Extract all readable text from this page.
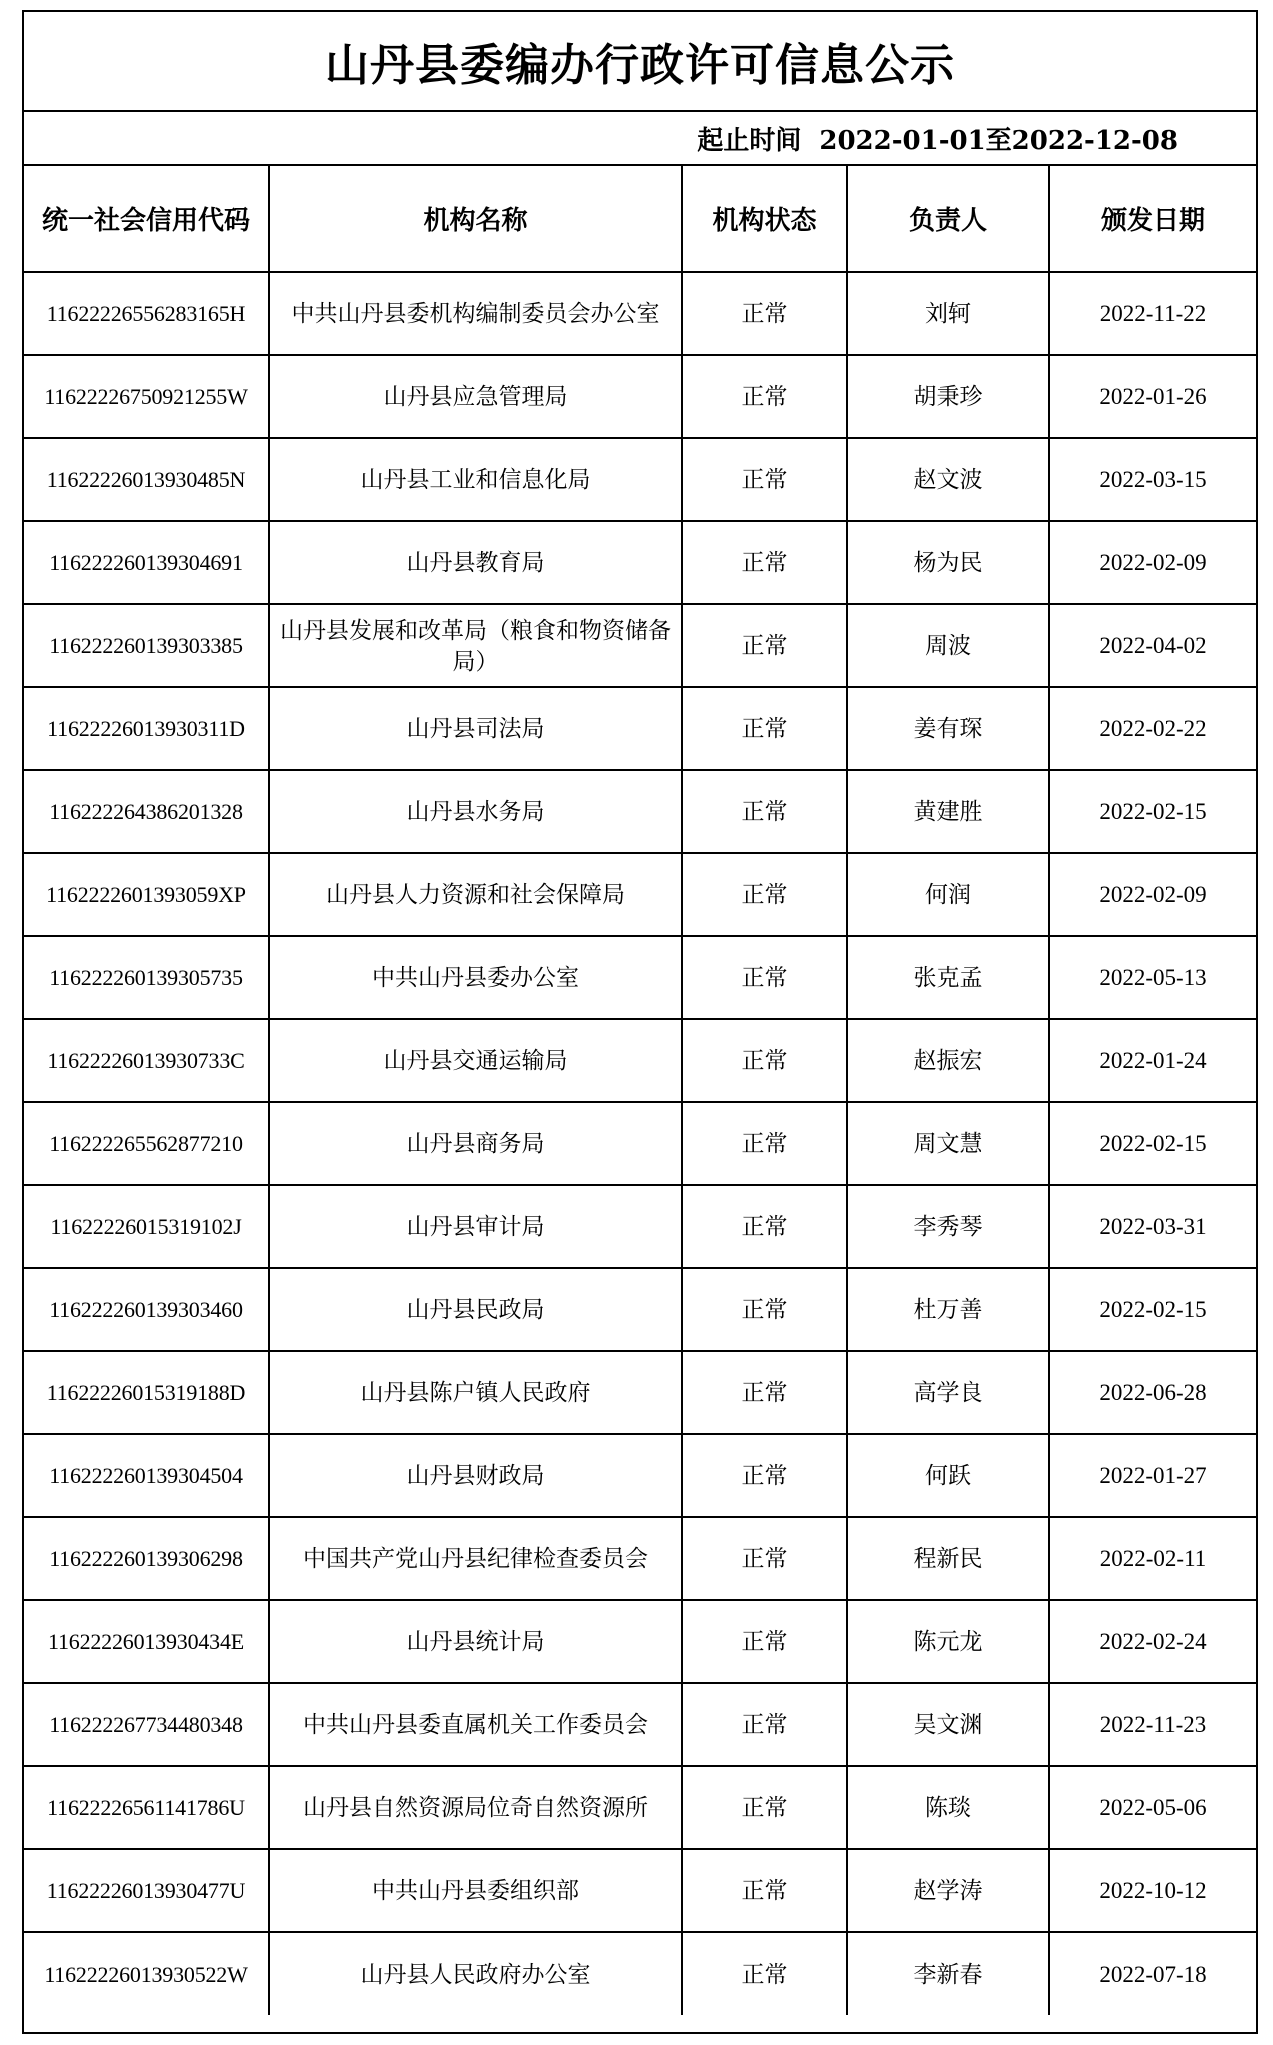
山丹县委编办行政许可信息公示
起止时间 2022-01-01至2022-12-08
统一社会信用代码	机构名称	机构状态	负责人	颁发日期
11622226556283165H	中共山丹县委机构编制委员会办公室	正常	刘轲	2022-11-22
11622226750921255W	山丹县应急管理局	正常	胡秉珍	2022-01-26
11622226013930485N	山丹县工业和信息化局	正常	赵文波	2022-03-15
116222260139304691	山丹县教育局	正常	杨为民	2022-02-09
116222260139303385	山丹县发展和改革局（粮食和物资储备局）	正常	周波	2022-04-02
11622226013930311D	山丹县司法局	正常	姜有琛	2022-02-22
116222264386201328	山丹县水务局	正常	黄建胜	2022-02-15
1162222601393059XP	山丹县人力资源和社会保障局	正常	何润	2022-02-09
116222260139305735	中共山丹县委办公室	正常	张克孟	2022-05-13
11622226013930733C	山丹县交通运输局	正常	赵振宏	2022-01-24
116222265562877210	山丹县商务局	正常	周文慧	2022-02-15
11622226015319102J	山丹县审计局	正常	李秀琴	2022-03-31
116222260139303460	山丹县民政局	正常	杜万善	2022-02-15
11622226015319188D	山丹县陈户镇人民政府	正常	高学良	2022-06-28
116222260139304504	山丹县财政局	正常	何跃	2022-01-27
116222260139306298	中国共产党山丹县纪律检查委员会	正常	程新民	2022-02-11
11622226013930434E	山丹县统计局	正常	陈元龙	2022-02-24
116222267734480348	中共山丹县委直属机关工作委员会	正常	吴文渊	2022-11-23
11622226561141786U	山丹县自然资源局位奇自然资源所	正常	陈琰	2022-05-06
11622226013930477U	中共山丹县委组织部	正常	赵学涛	2022-10-12
11622226013930522W	山丹县人民政府办公室	正常	李新春	2022-07-18
